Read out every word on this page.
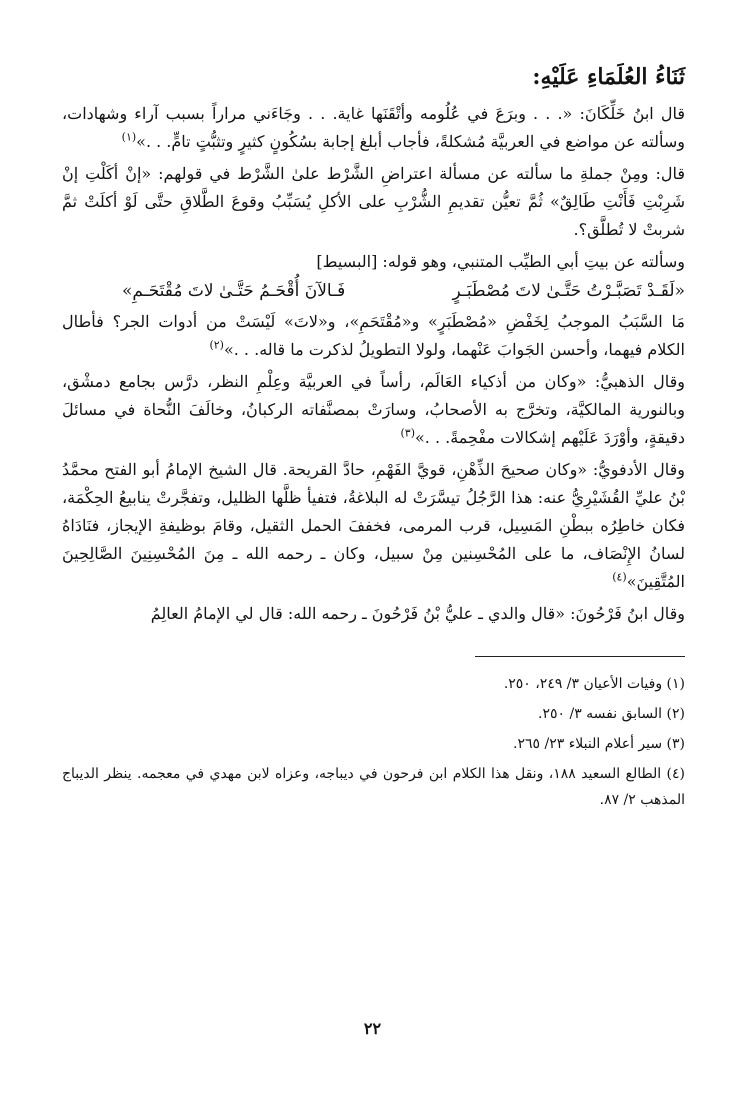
ثَنَاءُ العُلَمَاءِ عَلَيْهِ:

قال ابنُ خَلِّكَانَ: «. . . وبرَعَ في عُلُومه وأتْقَنَها غاية. . . وجَاءَني مراراً بسبب آراء وشهادات، وسألته عن مواضع في العربيَّة مُشكلةً، فأجاب أبلغ إجابة بسُكُونٍ كثيرٍ وتثبُّتٍ تامٍّ. . .»$^{(١)}$

قال: ومِنْ جملةِ ما سألته عن مسألة اعتراضِ الشَّرْط علىٰ الشَّرْط في قولهم: «إنْ أكَلْتِ إنْ شَرِبْتِ فَأَنْتِ طَالِقٌ» ثُمَّ تعيُّن تقديمِ الشُّرْبِ على الأكلِ يُسَبِّبُ وقوعَ الطَّلاقِ حتَّى لَوْ أكلَتْ ثمَّ شربتْ لا تُطلَّق؟.

وسألته عن بيتِ أبي الطيِّب المتنبي، وهو قوله: [البسيط]

«لَقَـدْ تَصَبَّـرْتُ حَتَّـىٰ لاتَ مُصْطَبَـرٍ
فَـالآنَ أُقْحَـمُ حَتَّـىٰ لاتَ مُقْتَحَـمِ»

مَا السَّبَبُ الموجبُ لِخَفْضِ «مُصْطَبَرٍ» و«مُقْتَحَمِ»، و«لاتَ» لَيْسَتْ من أدوات الجر؟ فأطال الكلام فيهما، وأحسن الجَوابَ عَنْهما، ولولا التطويلُ لذكرت ما قاله. . .»$^{(٢)}$

وقال الذهبيُّ: «وكان من أذكياء العَالَم، رأساً في العربيَّة وعِلْمِ النظر، درَّس بجامع دمشْق، وبالنورية المالكيَّة، وتخرَّج به الأصحابُ، وسارَتْ بمصنَّفاته الركبانُ، وخالَفَ النُّحاة في مسائلَ دقيقةٍ، وأوْرَدَ عَلَيْهم إشكالات مفْحِمةً. . .»$^{(٣)}$

وقال الأدفويُّ: «وكان صحيحَ الذِّهْنِ، قويَّ الفَهْمِ، حادَّ القريحة. قال الشيخ الإمامُ أبو الفتح محمَّدُ بْنُ عليِّ القُشَيْرِيُّ عنه: هذا الرَّجُلُ تيسَّرَتْ له البلاغةُ، فتفيأ ظلَّها الظليل، وتفجَّرتْ ينابيعُ الحِكْمَة، فكان خاطِرُه ببطْنِ المَسِيل، قرب المرمى، فخففَ الحمل الثقيل، وقامَ بوظيفةِ الإيجاز، فنَادَاهُ لسانُ الإِنْصَاف، ما على المُحْسِنين مِنْ سبيل، وكان ـ رحمه الله ـ مِنَ المُحْسِنِينَ الصَّالِحِينَ المُتَّقِينَ»$^{(٤)}$

وقال ابنُ فَرْحُونَ: «قال والدي ـ عليُّ بْنُ فَرْحُونَ ـ رحمه الله: قال لي الإمامُ العالِمُ

(١) وفيات الأعيان ٣/ ٢٤٩، ٢٥٠.

(٢) السابق نفسه ٣/ ٢٥٠.

(٣) سير أعلام النبلاء ٢٣/ ٢٦٥.

(٤) الطالع السعيد ١٨٨، ونقل هذا الكلام ابن فرحون في ديباجه، وعزاه لابن مهدي في معجمه. ينظر الديباج المذهب ٢/ ٨٧.

٢٢
